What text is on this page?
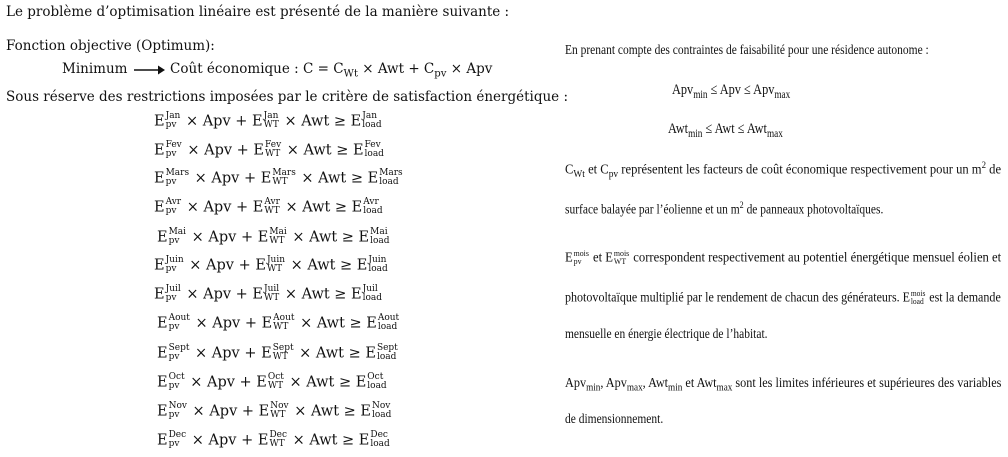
Le problème d’optimisation linéaire est présenté de la manière suivante :
Fonction objective (Optimum):
Minimum	Coût économique : $C = C_{Wt}$ × Awt + $C_{pv}$ × Apv
Sous réserve des restrictions imposées par le critère de satisfaction énergétique :
E Jan
pv × Apv + E Jan
WT × Awt ≥ E Jan
load
E Fev
pv × Apv + E Fev
WT × Awt ≥ E Fev
load
E Mars
pv × Apv + E Mars
WT × Awt ≥ E Mars
load
E Avr
pv × Apv + E Avr
WT × Awt ≥ E Avr
load
E Mai
pv × Apv + E Mai
WT × Awt ≥ E Mai
load
E Juin
pv × Apv + E Juin
WT × Awt ≥ E Juin
load
E Juil
pv × Apv + E Juil
WT × Awt ≥ E Juil
load
E Aout
pv × Apv + E Aout
WT × Awt ≥ E Aout
load
E Sept
pv × Apv + E Sept
WT × Awt ≥ E Sept
load
E Oct
pv × Apv + E Oct
WT × Awt ≥ E Oct
load
E Nov
pv × Apv + E Nov
WT × Awt ≥ E Nov
load
E Dec
pv × Apv + E Dec
WT × Awt ≥ E Dec
load
En prenant compte des contraintes de faisabilité pour une résidence autonome :
Apv$_{min}$ ≤ Apv ≤ Apv$_{max}$
Awt$_{min}$ ≤ Awt ≤ Awt$_{max}$
$C_{Wt}$ et $C_{pv}$ représentent les facteurs de coût économique respectivement pour un $m^2$ de
surface balayée par l’éolienne et un $m^2$ de panneaux photovoltaïques.
E mois
pv et E mois
WT correspondent respectivement au potentiel énergétique mensuel éolien et
photovoltaïque multiplié par le rendement de chacun des générateurs. E mois
load est la demande
mensuelle en énergie électrique de l’habitat.
Apv$_{min}$, Apv$_{max}$, Awt$_{min}$ et Awt$_{max}$ sont les limites inférieures et supérieures des variables
de dimensionnement.
